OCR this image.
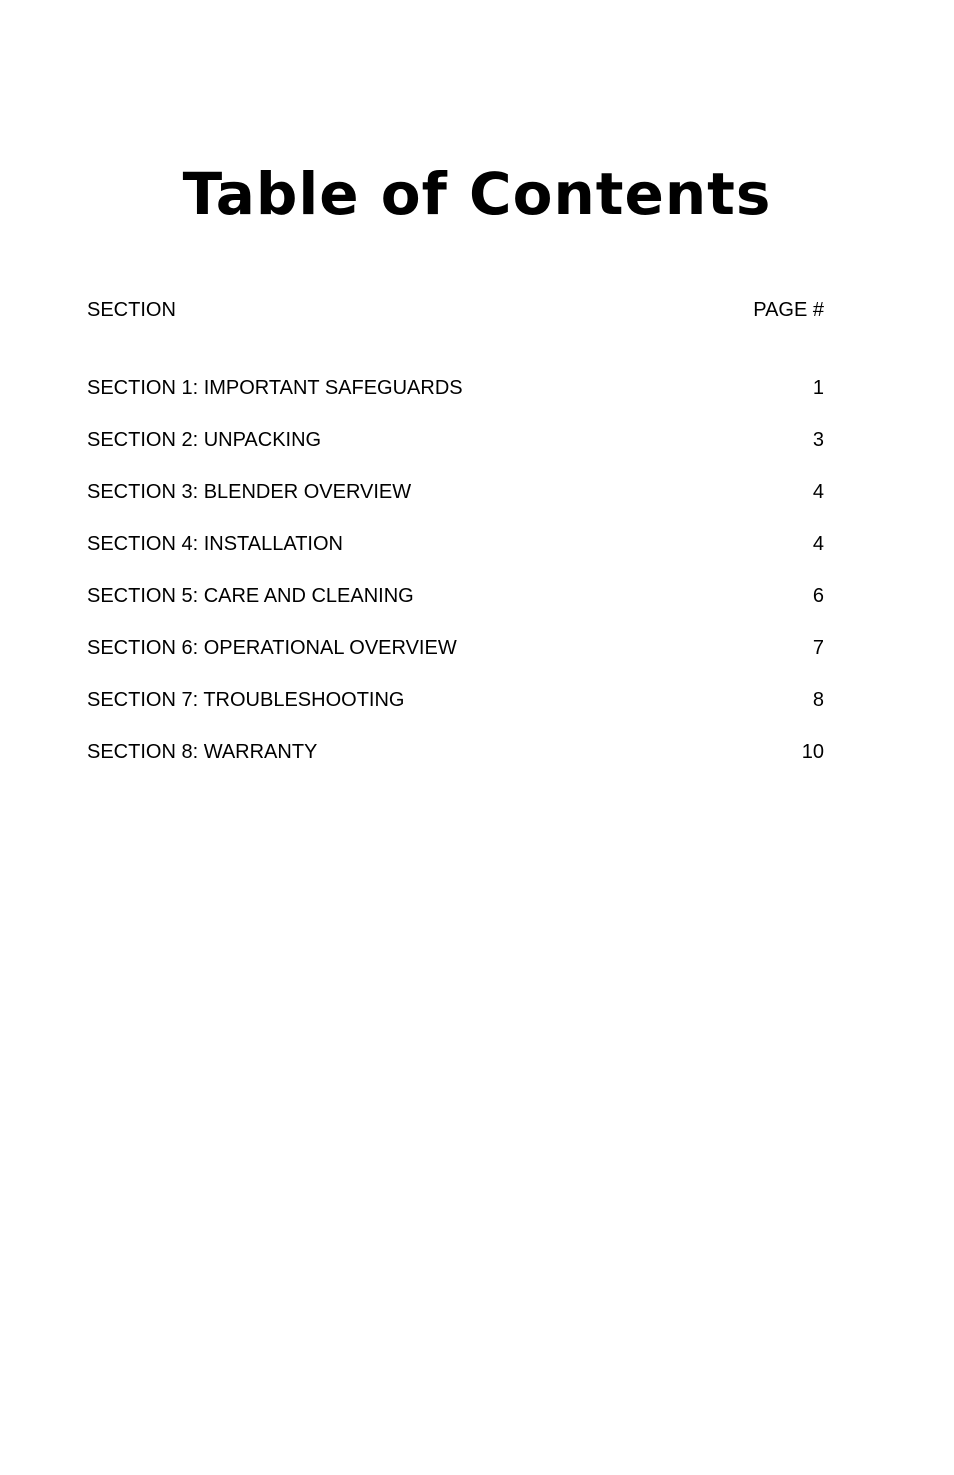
Table of Contents
SECTION	PAGE #
SECTION 1: IMPORTANT SAFEGUARDS	1
SECTION 2: UNPACKING	3
SECTION 3: BLENDER OVERVIEW	4
SECTION 4: INSTALLATION	4
SECTION 5: CARE AND CLEANING	6
SECTION 6: OPERATIONAL OVERVIEW	7
SECTION 7: TROUBLESHOOTING	8
SECTION 8: WARRANTY	10
